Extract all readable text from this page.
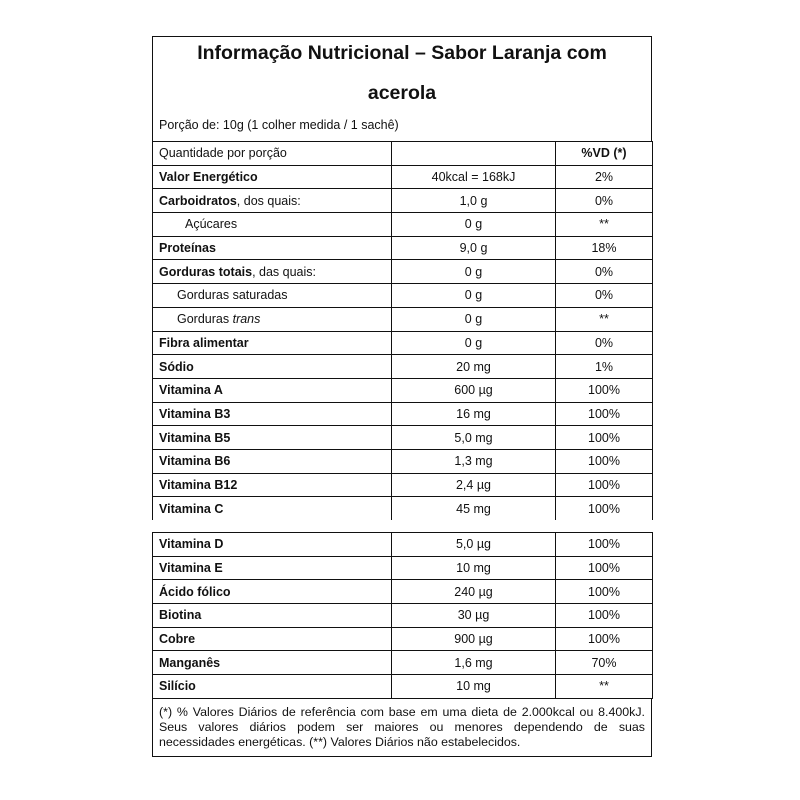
Informação Nutricional – Sabor Laranja com
acerola
Porção de: 10g (1 colher medida / 1 sachê)
Quantidade por porção		%VD (*)
Valor Energético	40kcal = 168kJ	2%
Carboidratos, dos quais:	1,0 g	0%
Açúcares	0 g	**
Proteínas	9,0 g	18%
Gorduras totais, das quais:	0 g	0%
Gorduras saturadas	0 g	0%
Gorduras trans	0 g	**
Fibra alimentar	0 g	0%
Sódio	20 mg	1%
Vitamina A	600 µg	100%
Vitamina B3	16 mg	100%
Vitamina B5	5,0 mg	100%
Vitamina B6	1,3 mg	100%
Vitamina B12	2,4 µg	100%
Vitamina C	45 mg	100%
Vitamina D	5,0 µg	100%
Vitamina E	10 mg	100%
Ácido fólico	240 µg	100%
Biotina	30 µg	100%
Cobre	900 µg	100%
Manganês	1,6 mg	70%
Silício	10 mg	**
(*) % Valores Diários de referência com base em uma dieta de 2.000kcal ou 8.400kJ. Seus valores diários podem ser maiores ou menores dependendo de suas necessidades energéticas. (**) Valores Diários não estabelecidos.
